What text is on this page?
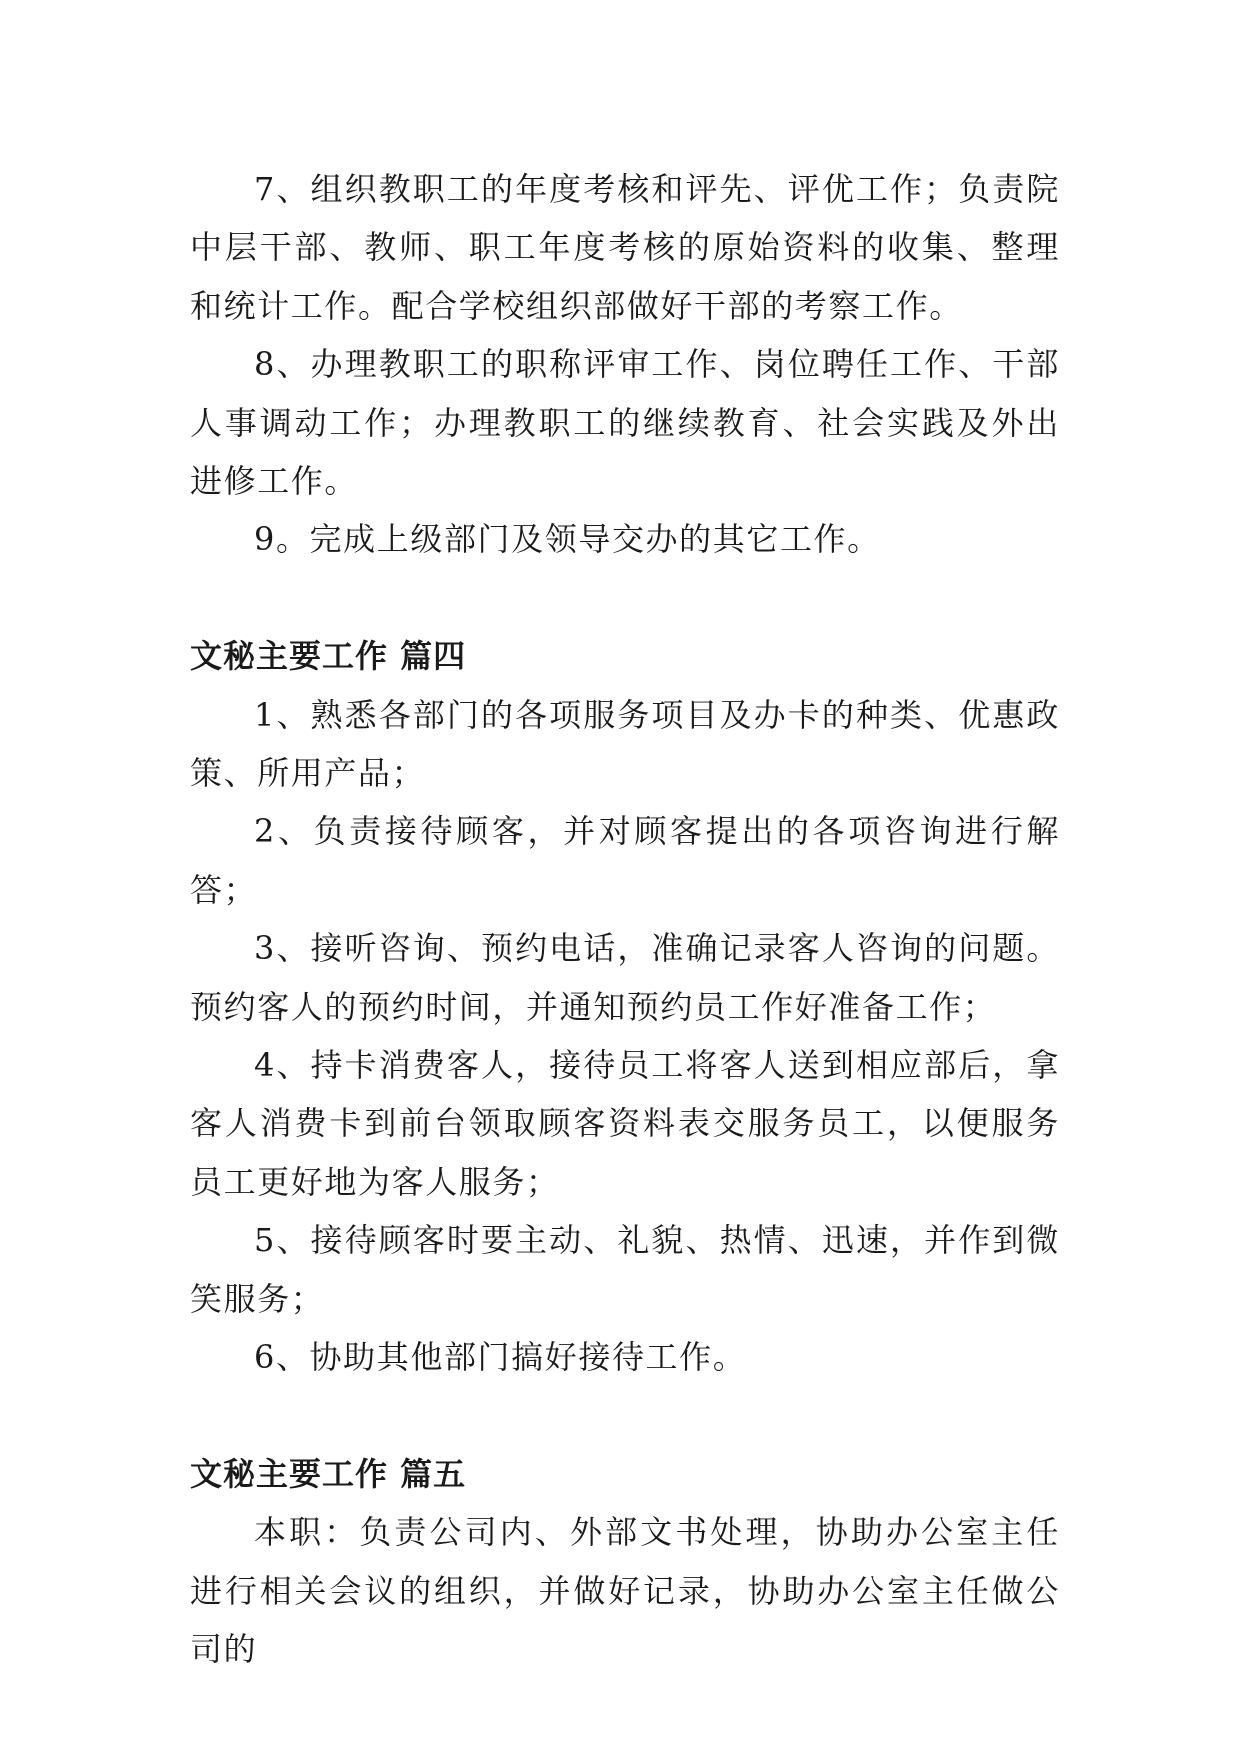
7、组织教职工的年度考核和评先、评优工作；负责院中层干部、教师、职工年度考核的原始资料的收集、整理和统计工作。配合学校组织部做好干部的考察工作。

8、办理教职工的职称评审工作、岗位聘任工作、干部人事调动工作；办理教职工的继续教育、社会实践及外出进修工作。

9。完成上级部门及领导交办的其它工作。

文秘主要工作 篇四

1、熟悉各部门的各项服务项目及办卡的种类、优惠政策、所用产品；

2、负责接待顾客，并对顾客提出的各项咨询进行解答；

3、接听咨询、预约电话，准确记录客人咨询的问题。预约客人的预约时间，并通知预约员工作好准备工作；

4、持卡消费客人，接待员工将客人送到相应部后，拿客人消费卡到前台领取顾客资料表交服务员工，以便服务员工更好地为客人服务；

5、接待顾客时要主动、礼貌、热情、迅速，并作到微笑服务；

6、协助其他部门搞好接待工作。

文秘主要工作 篇五

本职：负责公司内、外部文书处理，协助办公室主任进行相关会议的组织，并做好记录，协助办公室主任做公司的
